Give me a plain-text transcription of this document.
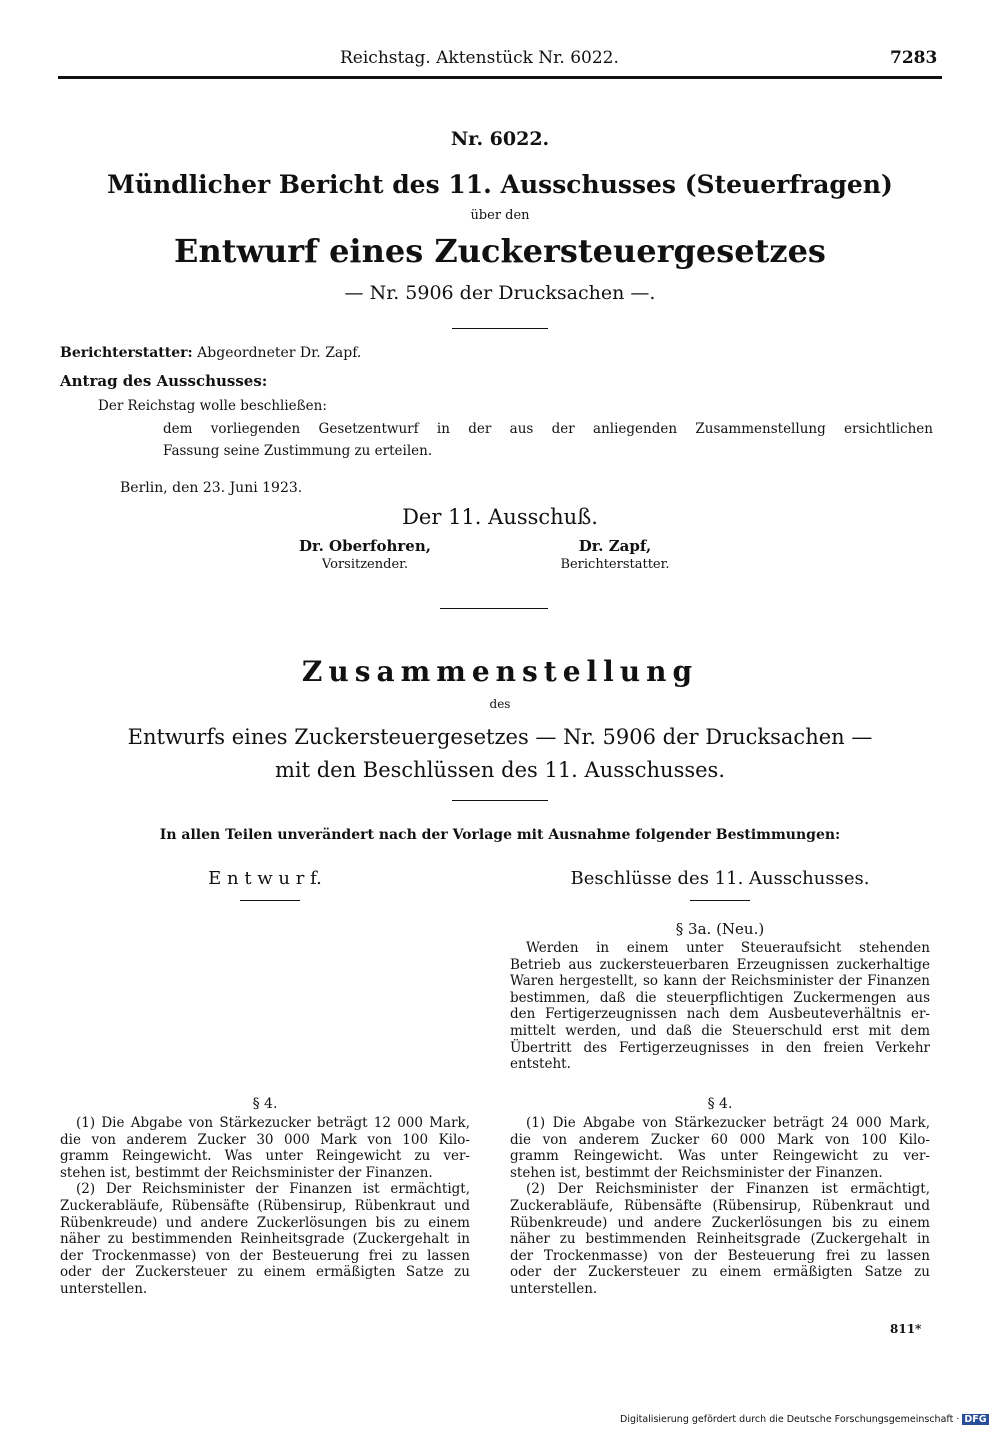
Reichstag. Aktenstück Nr. 6022.	7283
Nr. 6022.
Mündlicher Bericht des 11. Ausschusses (Steuerfragen)
über den
Entwurf eines Zuckersteuergesetzes
— Nr. 5906 der Drucksachen —.
Berichterstatter: Abgeordneter Dr. Zapf.
Antrag des Ausschusses:
Der Reichstag wolle beschließen:
dem vorliegenden Gesetzentwurf in der aus der anliegenden Zusammenstellung ersichtlichen
Fassung seine Zustimmung zu erteilen.
Berlin, den 23. Juni 1923.
Der 11. Ausschuß.
Dr. Oberfohren,
Vorsitzender.
Dr. Zapf,
Berichterstatter.
Zusammenstellung
des
Entwurfs eines Zuckersteuergesetzes — Nr. 5906 der Drucksachen —
mit den Beschlüssen des 11. Ausschusses.
In allen Teilen unverändert nach der Vorlage mit Ausnahme folgender Bestimmungen:
E n t w u r f.	Beschlüsse des 11. Ausschusses.
§ 3a. (Neu.)
Werden in einem unter Steueraufsicht stehenden
Betrieb aus zuckersteuerbaren Erzeugnissen zuckerhaltige
Waren hergestellt, so kann der Reichsminister der Finanzen
bestimmen, daß die steuerpflichtigen Zuckermengen aus
den Fertigerzeugnissen nach dem Ausbeuteverhältnis er-
mittelt werden, und daß die Steuerschuld erst mit dem
Übertritt des Fertigerzeugnisses in den freien Verkehr
entsteht.
§ 4.
(1) Die Abgabe von Stärkezucker beträgt 12 000 Mark,
die von anderem Zucker 30 000 Mark von 100 Kilo-
gramm Reingewicht. Was unter Reingewicht zu ver-
stehen ist, bestimmt der Reichsminister der Finanzen.
(2) Der Reichsminister der Finanzen ist ermächtigt,
Zuckerabläufe, Rübensäfte (Rübensirup, Rübenkraut und
Rübenkreude) und andere Zuckerlösungen bis zu einem
näher zu bestimmenden Reinheitsgrade (Zuckergehalt in
der Trockenmasse) von der Besteuerung frei zu lassen
oder der Zuckersteuer zu einem ermäßigten Satze zu
unterstellen.
§ 4.
(1) Die Abgabe von Stärkezucker beträgt 24 000 Mark,
die von anderem Zucker 60 000 Mark von 100 Kilo-
gramm Reingewicht. Was unter Reingewicht zu ver-
stehen ist, bestimmt der Reichsminister der Finanzen.
(2) Der Reichsminister der Finanzen ist ermächtigt,
Zuckerabläufe, Rübensäfte (Rübensirup, Rübenkraut und
Rübenkreude) und andere Zuckerlösungen bis zu einem
näher zu bestimmenden Reinheitsgrade (Zuckergehalt in
der Trockenmasse) von der Besteuerung frei zu lassen
oder der Zuckersteuer zu einem ermäßigten Satze zu
unterstellen.
811*
Digitalisierung gefördert durch die Deutsche Forschungsgemeinschaft · DFG
